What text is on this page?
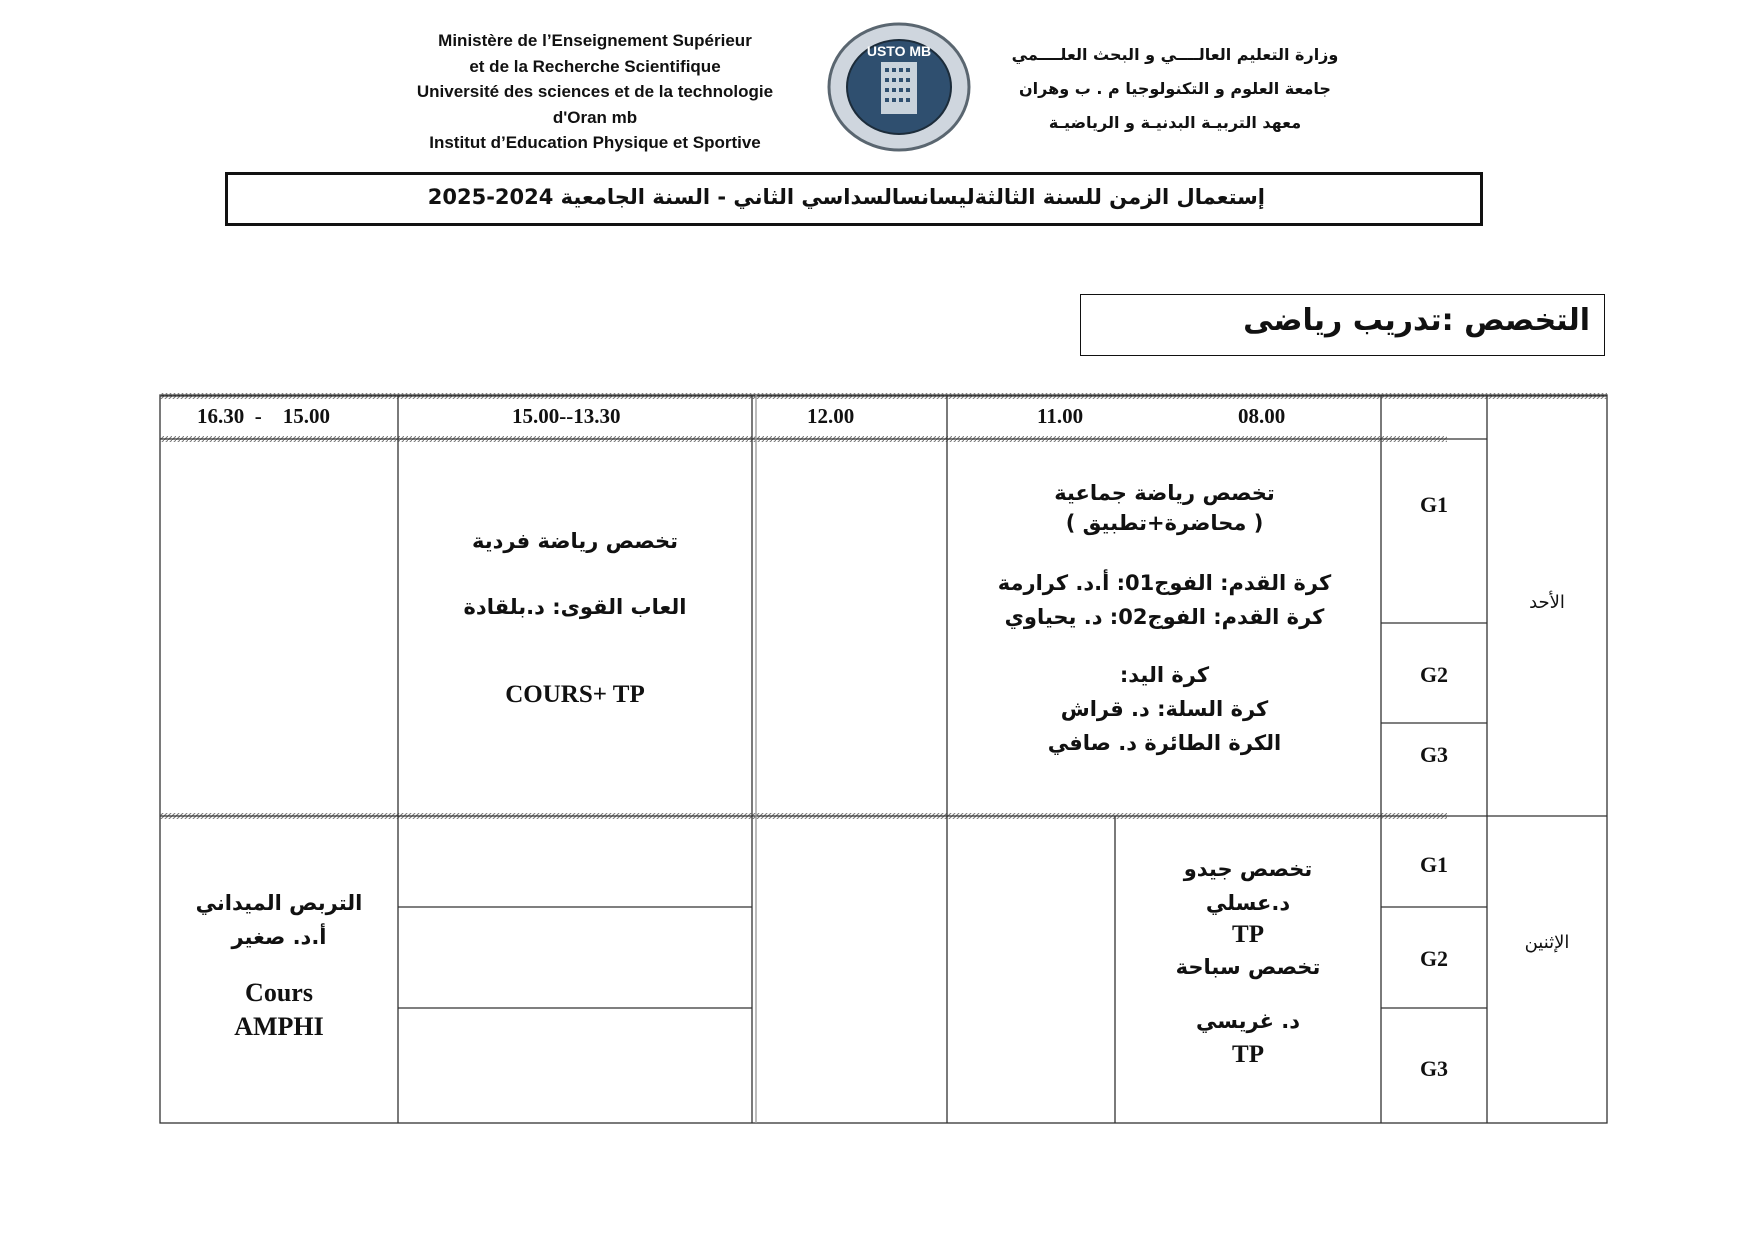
Ministère de l’Enseignement Supérieur
et de la Recherche Scientifique
Université des sciences et de la technologie
d'Oran mb
Institut d’Education Physique et Sportive
USTO MB	وزارة التعليم العالــــي و البحث العلــــمي
جامعة العلوم و التكنولوجيا م . ب وهران
معهد التربيـة البدنيـة و الرياضيـة
إستعمال الزمن للسنة الثالثةليسانسالسداسي الثاني - السنة الجامعية 2024-2025
التخصص :تدريب رياضى
08.00
11.00
12.00
15.00--13.30
16.30  -    15.00
الأحد
الإثنين
G1
G2
G3
G1
G2
G3
تخصص رياضة جماعية
( محاضرة+تطبيق )
كرة القدم: الفوج01: أ.د. كرارمة
كرة القدم: الفوج02: د. يحياوي
كرة اليد:
كرة السلة: د. قراش
الكرة الطائرة د. صافي
تخصص رياضة فردية
العاب القوى: د.بلقادة
COURS+ TP
تخصص جيدو
د.عسلي
TP
تخصص سباحة
د. غريسي
TP
التربص الميداني
أ.د. صغير
Cours
AMPHI
